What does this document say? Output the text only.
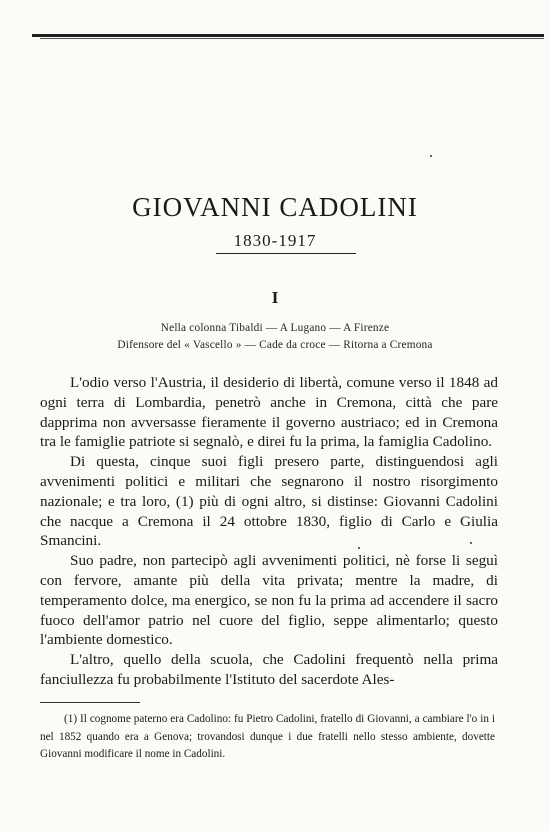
GIOVANNI CADOLINI
1830-1917
I
Nella colonna Tibaldi — A Lugano — A Firenze
Difensore del « Vascello » — Cade da croce — Ritorna a Cremona

L'odio verso l'Austria, il desiderio di libertà, comune verso il 1848 ad ogni terra di Lombardia, penetrò anche in Cremona, città che pare dapprima non avversasse fieramente il governo austriaco; ed in Cremona tra le famiglie patriote si segnalò, e direi fu la prima, la famiglia Cadolino.

Di questa, cinque suoi figli presero parte, distinguendosi agli avvenimenti politici e militari che segnarono il nostro risorgimento nazionale; e tra loro, (1) più di ogni altro, si distinse: Giovanni Cadolini che nacque a Cremona il 24 ottobre 1830, figlio di Carlo e Giulia Smancini.

Suo padre, non partecipò agli avvenimenti politici, nè forse li seguì con fervore, amante più della vita privata; mentre la madre, di temperamento dolce, ma energico, se non fu la prima ad accendere il sacro fuoco dell'amor patrio nel cuore del figlio, seppe alimentarlo; questo l'ambiente domestico.

L'altro, quello della scuola, che Cadolini frequentò nella prima fanciullezza fu probabilmente l'Istituto del sacerdote Ales-

(1) Il cognome paterno era Cadolino: fu Pietro Cadolini, fratello di Giovanni, a cambiare l'o in i nel 1852 quando era a Genova; trovandosi dunque i due fratelli nello stesso ambiente, dovette Giovanni modificare il nome in Cadolini.
